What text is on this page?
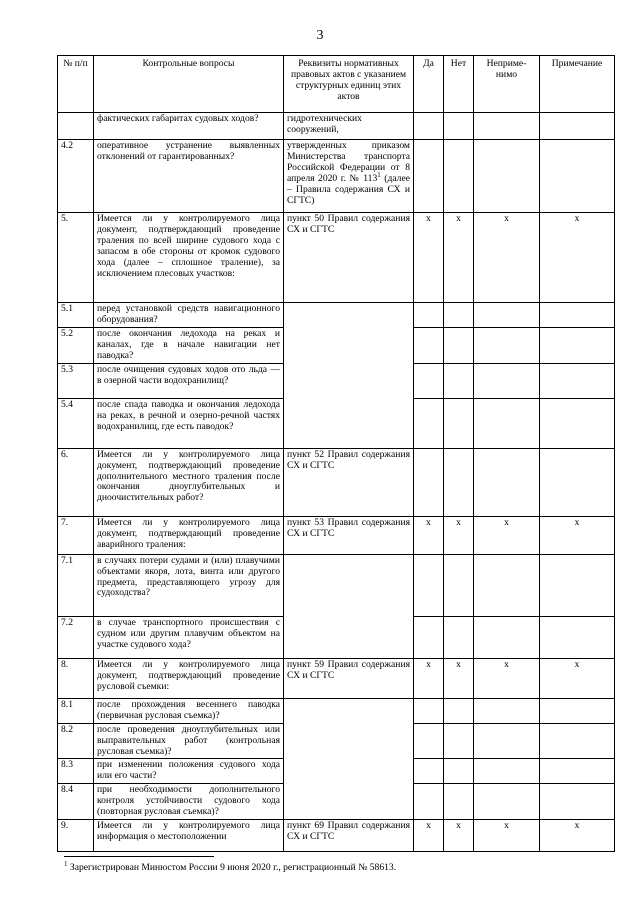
3
№ п/п	Контрольные вопросы	Реквизиты нормативных правовых актов с указанием структурных единиц этих актов	Да	Нет	Неприме-нимо	Примечание
	фактических габаритах судовых ходов?	гидротехнических сооружений,				
4.2	оперативное устранение выявленных отклонений от гарантированных?	утвержденных приказом Министерства транспорта Российской Федерации от 8 апреля 2020 г. № $113^1$ (далее – Правила содержания СХ и СГТС)				
5.	Имеется ли у контролируемого лица документ, подтверждающий проведение траления по всей ширине судового хода с запасом в обе стороны от кромок судового хода (далее – сплошное траление), за исключением плесовых участков:	пункт 50 Правил содержания СХ и СГТС	x	x	x	x
5.1	перед установкой средств навигационного оборудования?					
5.2	после окончания ледохода на реках и каналах, где в начале навигации нет паводка?					
5.3	после очищения судовых ходов ото льда — в озерной части водохранилищ?					
5.4	после спада паводка и окончания ледохода на реках, в речной и озерно-речной частях водохранилищ, где есть паводок?					
6.	Имеется ли у контролируемого лица документ, подтверждающий проведение дополнительного местного траления после окончания дноуглубительных и дноочистительных работ?	пункт 52 Правил содержания СХ и СГТС				
7.	Имеется ли у контролируемого лица документ, подтверждающий проведение аварийного траления:	пункт 53 Правил содержания СХ и СГТС	x	x	x	x
7.1	в случаях потери судами и (или) плавучими объектами якоря, лота, винта или другого предмета, представляющего угрозу для судоходства?					
7.2	в случае транспортного происшествия с судном или другим плавучим объектом на участке судового хода?					
8.	Имеется ли у контролируемого лица документ, подтверждающий проведение русловой съемки:	пункт 59 Правил содержания СХ и СГТС	x	x	x	x
8.1	после прохождения весеннего паводка (первичная русловая съемка)?					
8.2	после проведения дноуглубительных или выправительных работ (контрольная русловая съемка)?					
8.3	при изменении положения судового хода или его части?					
8.4	при необходимости дополнительного контроля устойчивости судового хода (повторная русловая съемка)?					
9.	Имеется ли у контролируемого лица информация о местоположении	пункт 69 Правил содержания СХ и СГТС	x	x	x	x
$^1$ Зарегистрирован Минюстом России 9 июня 2020 г., регистрационный № 58613.
